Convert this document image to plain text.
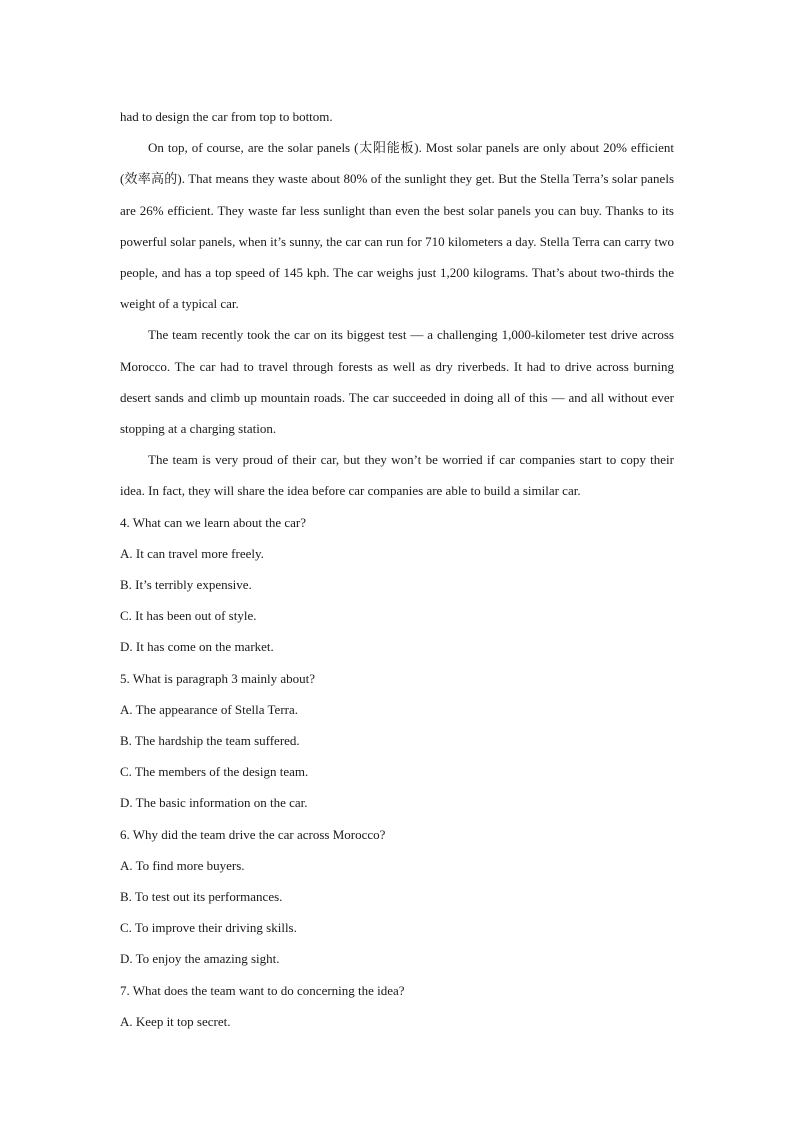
had to design the car from top to bottom.

On top, of course, are the solar panels (太阳能板). Most solar panels are only about 20% efficient (效率高的). That means they waste about 80% of the sunlight they get. But the Stella Terra’s solar panels are 26% efficient. They waste far less sunlight than even the best solar panels you can buy. Thanks to its powerful solar panels, when it’s sunny, the car can run for 710 kilometers a day. Stella Terra can carry two people, and has a top speed of 145 kph. The car weighs just 1,200 kilograms. That’s about two-thirds the weight of a typical car.

The team recently took the car on its biggest test — a challenging 1,000-kilometer test drive across Morocco. The car had to travel through forests as well as dry riverbeds. It had to drive across burning desert sands and climb up mountain roads. The car succeeded in doing all of this — and all without ever stopping at a charging station.

The team is very proud of their car, but they won’t be worried if car companies start to copy their idea. In fact, they will share the idea before car companies are able to build a similar car.

4. What can we learn about the car?

A. It can travel more freely.

B. It’s terribly expensive.

C. It has been out of style.

D. It has come on the market.

5. What is paragraph 3 mainly about?

A. The appearance of Stella Terra.

B. The hardship the team suffered.

C. The members of the design team.

D. The basic information on the car.

6. Why did the team drive the car across Morocco?

A. To find more buyers.

B. To test out its performances.

C. To improve their driving skills.

D. To enjoy the amazing sight.

7. What does the team want to do concerning the idea?

A. Keep it top secret.
